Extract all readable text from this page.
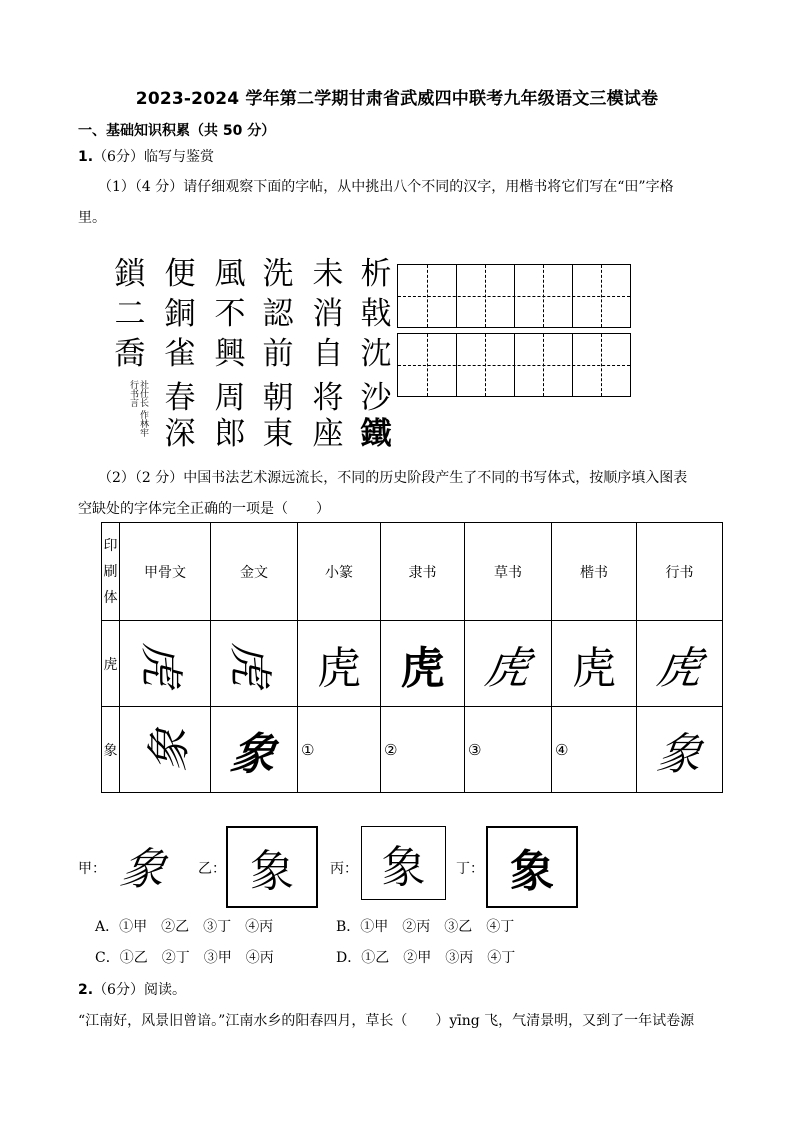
2023-2024 学年第二学期甘肃省武威四中联考九年级语文三模试卷
一、基础知识积累（共 50 分）
1.（6分）临写与鉴赏
（1）（4 分）请仔细观察下面的字帖，从中挑出八个不同的汉字，用楷书将它们写在“田”字格
里。
鎖 便 風 洗 未 析
二 銅 不 認 消 戟
喬 雀 興 前 自 沈
春 周 朝 将 沙
深 郎 東 座 鐵
社仕长 作林牢 行书言
（2）（2 分）中国书法艺术源远流长，不同的历史阶段产生了不同的书写体式，按顺序填入图表
空缺处的字体完全正确的一项是（　　）
印刷体	甲骨文	金文	小篆	隶书	草书	楷书	行书
虎	虎	虎	虎	虎	虎	虎	虎
象	象	象	①	②	③	④	象
甲： 象 乙： 象	丙： 象 丁： 象
A．①甲　②乙　③丁　④丙	B．①甲　②丙　③乙　④丁
C．①乙　②丁　③甲　④丙	D．①乙　②甲　③丙　④丁
2.（6分）阅读。
“江南好，风景旧曾谙。”江南水乡的阳春四月，草长（　　）yīng 飞，气清景明，又到了一年试卷源
